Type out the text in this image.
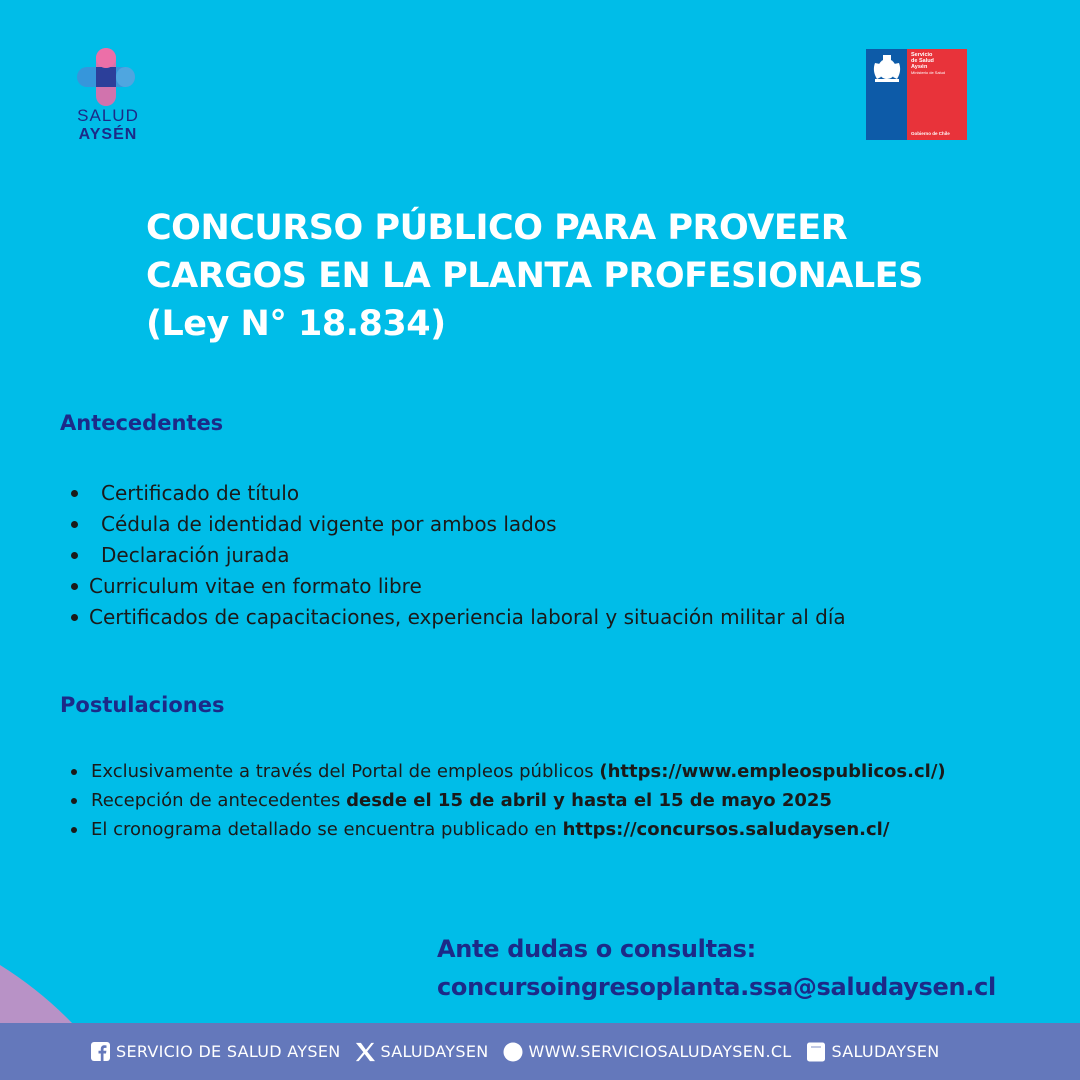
SALUD
AYSÉN
Servicio
de Salud
Aysén
Ministerio de Salud
Gobierno de Chile
CONCURSO PÚBLICO PARA PROVEER
CARGOS EN LA PLANTA PROFESIONALES
(Ley N° 18.834)
Antecedentes
Certificado de título
Cédula de identidad vigente por ambos lados
Declaración jurada
Curriculum vitae en formato libre
Certificados de capacitaciones, experiencia laboral y situación militar al día
Postulaciones
Exclusivamente a través del Portal de empleos públicos (https://www.empleospublicos.cl/)
Recepción de antecedentes desde el 15 de abril y hasta el 15 de mayo 2025
El cronograma detallado se encuentra publicado en https://concursos.saludaysen.cl/
Ante dudas o consultas:
concursoingresoplanta.ssa@saludaysen.cl
SERVICIO DE SALUD AYSEN	SALUDAYSEN	WWW.SERVICIOSALUDAYSEN.CL	SALUDAYSEN
